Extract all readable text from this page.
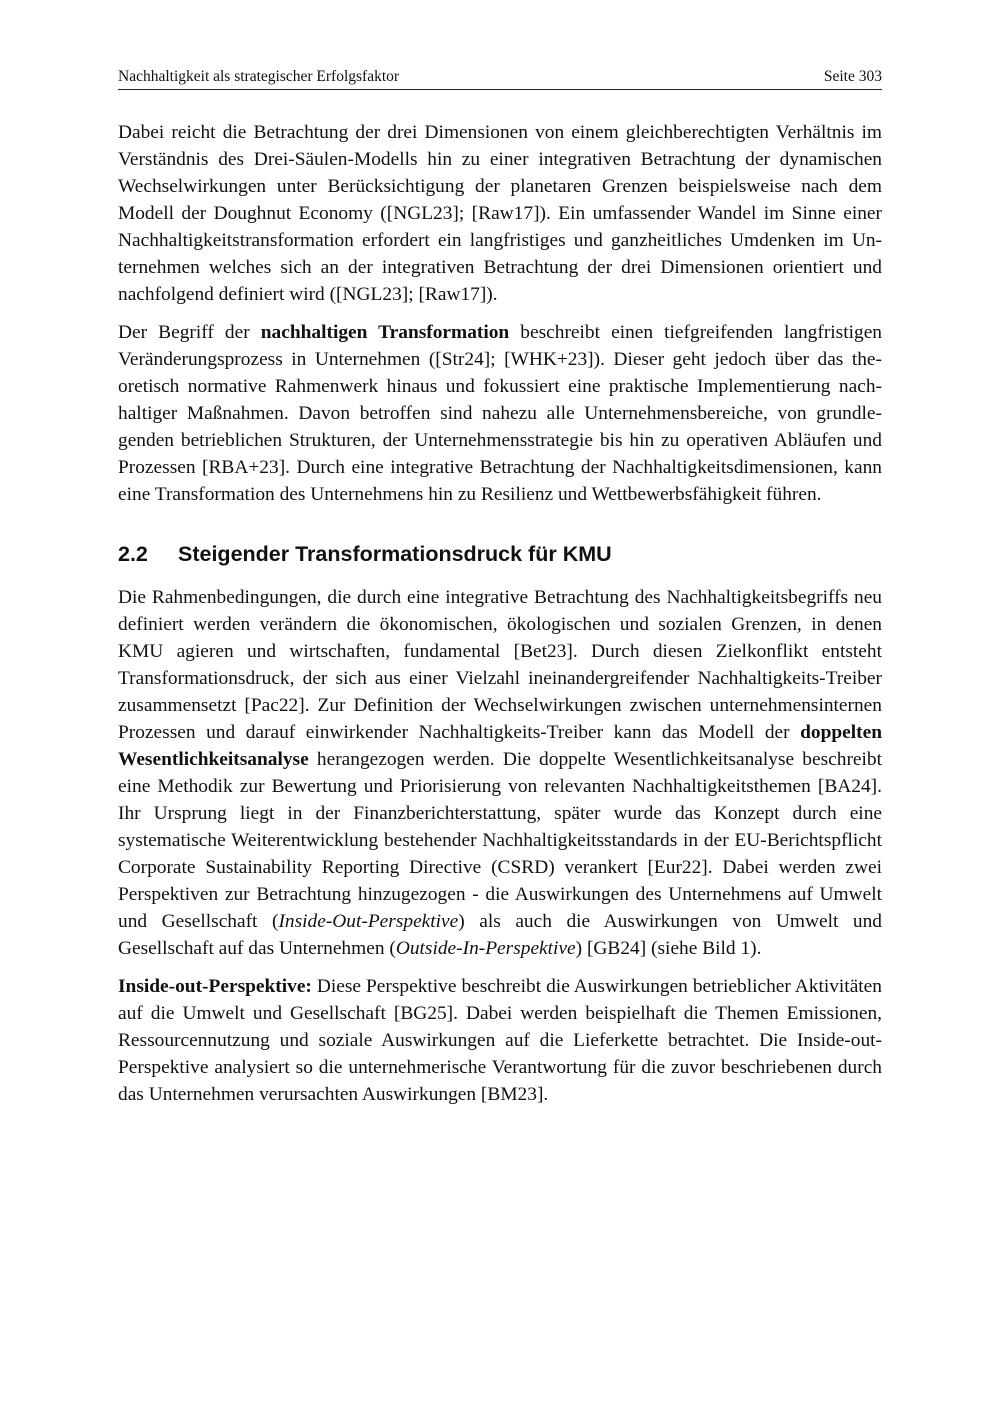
Nachhaltigkeit als strategischer Erfolgsfaktor	Seite 303

Dabei reicht die Betrachtung der drei Dimensionen von einem gleichberechtigten Verhältnis im Verständnis des Drei-Säulen-Modells hin zu einer integrativen Betrachtung der dynamischen Wechselwirkungen unter Berücksichtigung der planetaren Grenzen beispielsweise nach dem Modell der Doughnut Economy ([NGL23]; [Raw17]). Ein umfassender Wandel im Sinne einer Nachhaltigkeitstransformation erfordert ein langfristiges und ganzheitliches Umdenken im Unternehmen welches sich an der integrativen Betrachtung der drei Dimensionen orientiert und nachfolgend definiert wird ([NGL23]; [Raw17]).

Der Begriff der nachhaltigen Transformation beschreibt einen tiefgreifenden langfristigen Veränderungsprozess in Unternehmen ([Str24]; [WHK+23]). Dieser geht jedoch über das theoretisch normative Rahmenwerk hinaus und fokussiert eine praktische Implementierung nachhaltiger Maßnahmen. Davon betroffen sind nahezu alle Unternehmensbereiche, von grundlegenden betrieblichen Strukturen, der Unternehmensstrategie bis hin zu operativen Abläufen und Prozessen [RBA+23]. Durch eine integrative Betrachtung der Nachhaltigkeitsdimensionen, kann eine Transformation des Unternehmens hin zu Resilienz und Wettbewerbsfähigkeit führen.

2.2 Steigender Transformationsdruck für KMU

Die Rahmenbedingungen, die durch eine integrative Betrachtung des Nachhaltigkeitsbegriffs neu definiert werden verändern die ökonomischen, ökologischen und sozialen Grenzen, in denen KMU agieren und wirtschaften, fundamental [Bet23]. Durch diesen Zielkonflikt entsteht Transformationsdruck, der sich aus einer Vielzahl ineinandergreifender Nachhaltigkeits-Treiber zusammensetzt [Pac22]. Zur Definition der Wechselwirkungen zwischen unternehmensinternen Prozessen und darauf einwirkender Nachhaltigkeits-Treiber kann das Modell der doppelten Wesentlichkeitsanalyse herangezogen werden. Die doppelte Wesentlichkeitsanalyse beschreibt eine Methodik zur Bewertung und Priorisierung von relevanten Nachhaltigkeitsthemen [BA24]. Ihr Ursprung liegt in der Finanzberichterstattung, später wurde das Konzept durch eine systematische Weiterentwicklung bestehender Nachhaltigkeitsstandards in der EU-Berichtspflicht Corporate Sustainability Reporting Directive (CSRD) verankert [Eur22]. Dabei werden zwei Perspektiven zur Betrachtung hinzugezogen - die Auswirkungen des Unternehmens auf Umwelt und Gesellschaft (Inside-Out-Perspektive) als auch die Auswirkungen von Umwelt und Gesellschaft auf das Unternehmen (Outside-In-Perspektive) [GB24] (siehe Bild 1).

Inside-out-Perspektive: Diese Perspektive beschreibt die Auswirkungen betrieblicher Aktivitäten auf die Umwelt und Gesellschaft [BG25]. Dabei werden beispielhaft die Themen Emissionen, Ressourcennutzung und soziale Auswirkungen auf die Lieferkette betrachtet. Die Inside-out-Perspektive analysiert so die unternehmerische Verantwortung für die zuvor beschriebenen durch das Unternehmen verursachten Auswirkungen [BM23].
